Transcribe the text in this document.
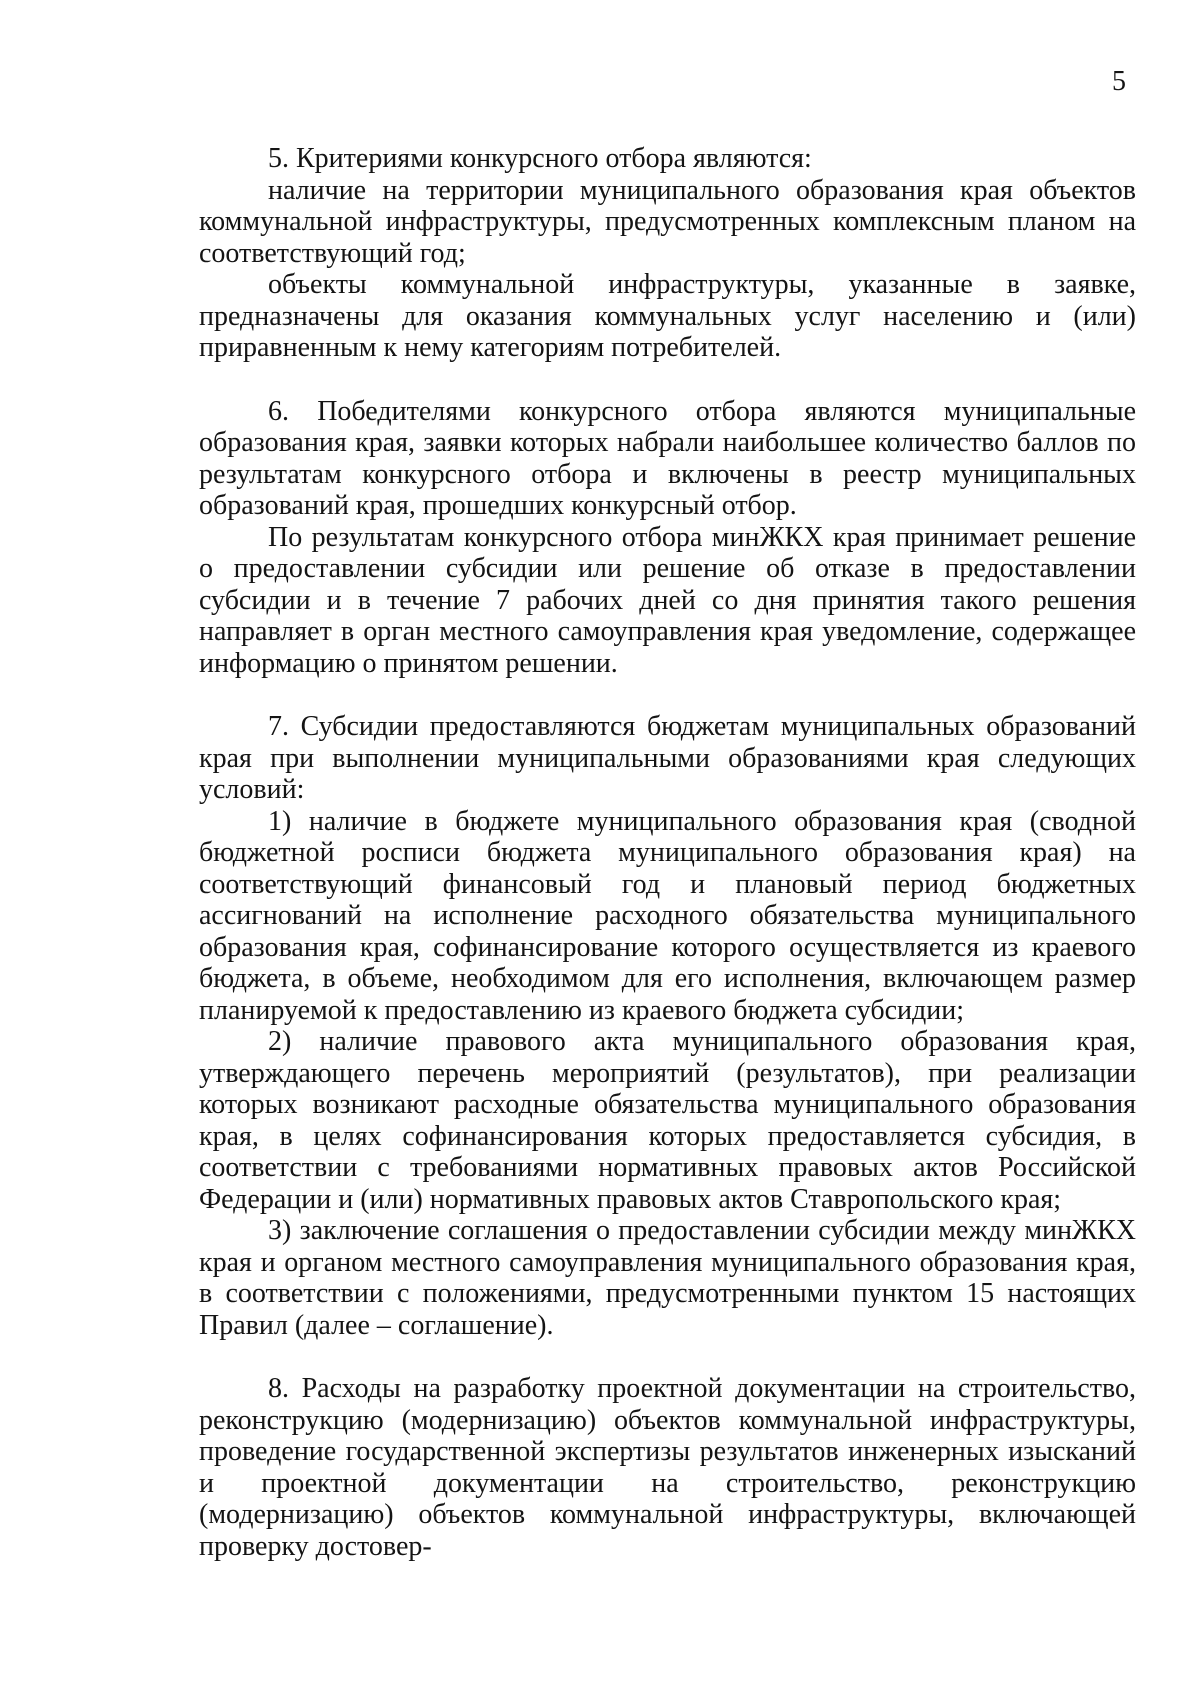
5

5. Критериями конкурсного отбора являются:

наличие на территории муниципального образования края объектов коммунальной инфраструктуры, предусмотренных комплексным планом на соответствующий год;

объекты коммунальной инфраструктуры, указанные в заявке, предназначены для оказания коммунальных услуг населению и (или) приравненным к нему категориям потребителей.

6. Победителями конкурсного отбора являются муниципальные образования края, заявки которых набрали наибольшее количество баллов по результатам конкурсного отбора и включены в реестр муниципальных образований края, прошедших конкурсный отбор.

По результатам конкурсного отбора минЖКХ края принимает решение о предоставлении субсидии или решение об отказе в предоставлении субсидии и в течение 7 рабочих дней со дня принятия такого решения направляет в орган местного самоуправления края уведомление, содержащее информацию о принятом решении.

7. Субсидии предоставляются бюджетам муниципальных образований края при выполнении муниципальными образованиями края следующих условий:

1) наличие в бюджете муниципального образования края (сводной бюджетной росписи бюджета муниципального образования края) на соответствующий финансовый год и плановый период бюджетных ассигнований на исполнение расходного обязательства муниципального образования края, софинансирование которого осуществляется из краевого бюджета, в объеме, необходимом для его исполнения, включающем размер планируемой к предоставлению из краевого бюджета субсидии;

2) наличие правового акта муниципального образования края, утверждающего перечень мероприятий (результатов), при реализации которых возникают расходные обязательства муниципального образования края, в целях софинансирования которых предоставляется субсидия, в соответствии с требованиями нормативных правовых актов Российской Федерации и (или) нормативных правовых актов Ставропольского края;

3) заключение соглашения о предоставлении субсидии между минЖКХ края и органом местного самоуправления муниципального образования края, в соответствии с положениями, предусмотренными пунктом 15 настоящих Правил (далее – соглашение).

8. Расходы на разработку проектной документации на строительство, реконструкцию (модернизацию) объектов коммунальной инфраструктуры, проведение государственной экспертизы результатов инженерных изысканий и проектной документации на строительство, реконструкцию (модернизацию) объектов коммунальной инфраструктуры, включающей проверку достовер-
